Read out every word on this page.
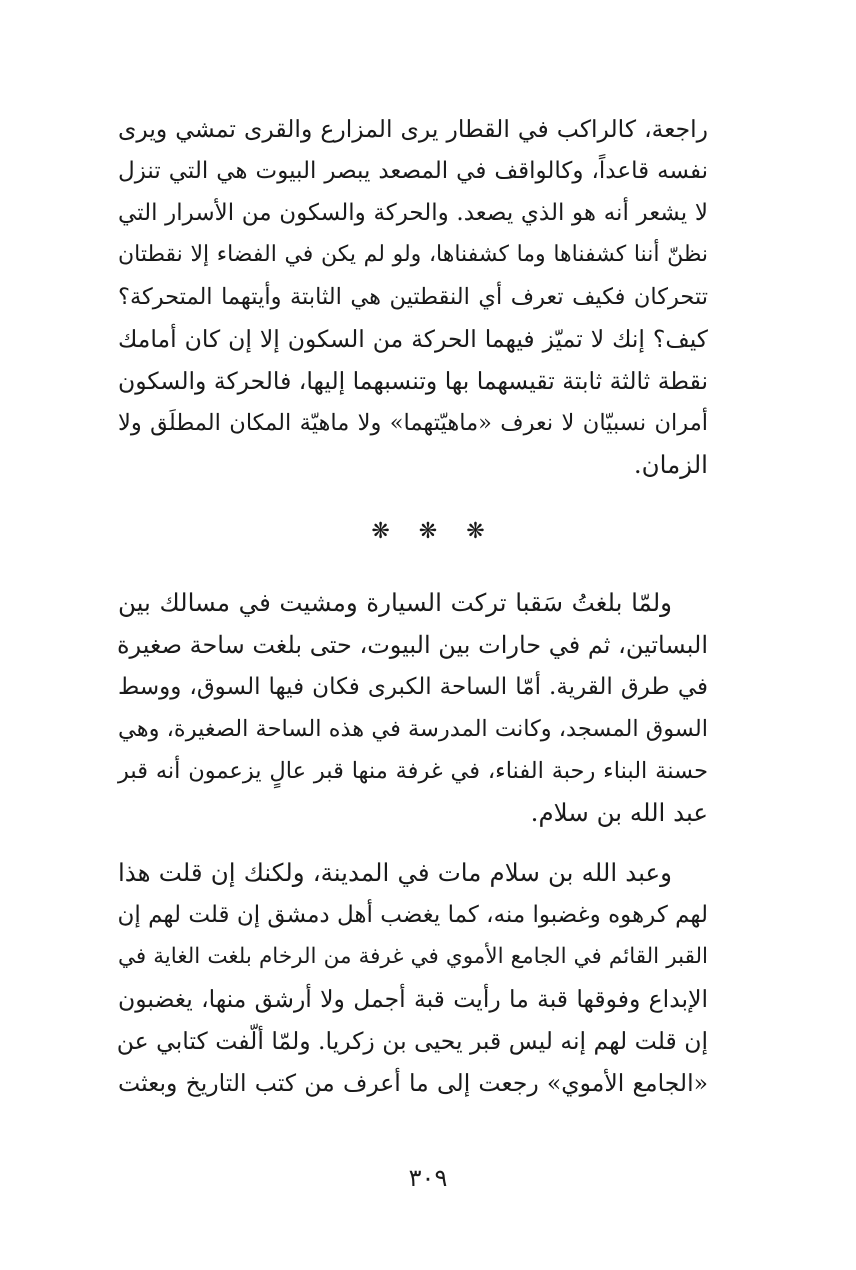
راجعة، كالراكب في القطار يرى المزارع والقرى تمشي ويرى
نفسه قاعداً، وكالواقف في المصعد يبصر البيوت هي التي تنزل
لا يشعر أنه هو الذي يصعد. والحركة والسكون من الأسرار التي
نظنّ أننا كشفناها وما كشفناها، ولو لم يكن في الفضاء إلا نقطتان
تتحركان فكيف تعرف أي النقطتين هي الثابتة وأيتهما المتحركة؟
كيف؟ إنك لا تميّز فيهما الحركة من السكون إلا إن كان أمامك
نقطة ثالثة ثابتة تقيسهما بها وتنسبهما إليها، فالحركة والسكون
أمران نسبيّان لا نعرف «ماهيّتهما» ولا ماهيّة المكان المطلَق ولا
الزمان.
❋ ❋ ❋
ولمّا بلغتُ سَقبا تركت السيارة ومشيت في مسالك بين
البساتين، ثم في حارات بين البيوت، حتى بلغت ساحة صغيرة
في طرق القرية. أمّا الساحة الكبرى فكان فيها السوق، ووسط
السوق المسجد، وكانت المدرسة في هذه الساحة الصغيرة، وهي
حسنة البناء رحبة الفناء، في غرفة منها قبر عالٍ يزعمون أنه قبر
عبد الله بن سلام.
وعبد الله بن سلام مات في المدينة، ولكنك إن قلت هذا
لهم كرهوه وغضبوا منه، كما يغضب أهل دمشق إن قلت لهم إن
القبر القائم في الجامع الأموي في غرفة من الرخام بلغت الغاية في
الإبداع وفوقها قبة ما رأيت قبة أجمل ولا أرشق منها، يغضبون
إن قلت لهم إنه ليس قبر يحيى بن زكريا. ولمّا ألّفت كتابي عن
«الجامع الأموي» رجعت إلى ما أعرف من كتب التاريخ وبعثت
٣٠٩
